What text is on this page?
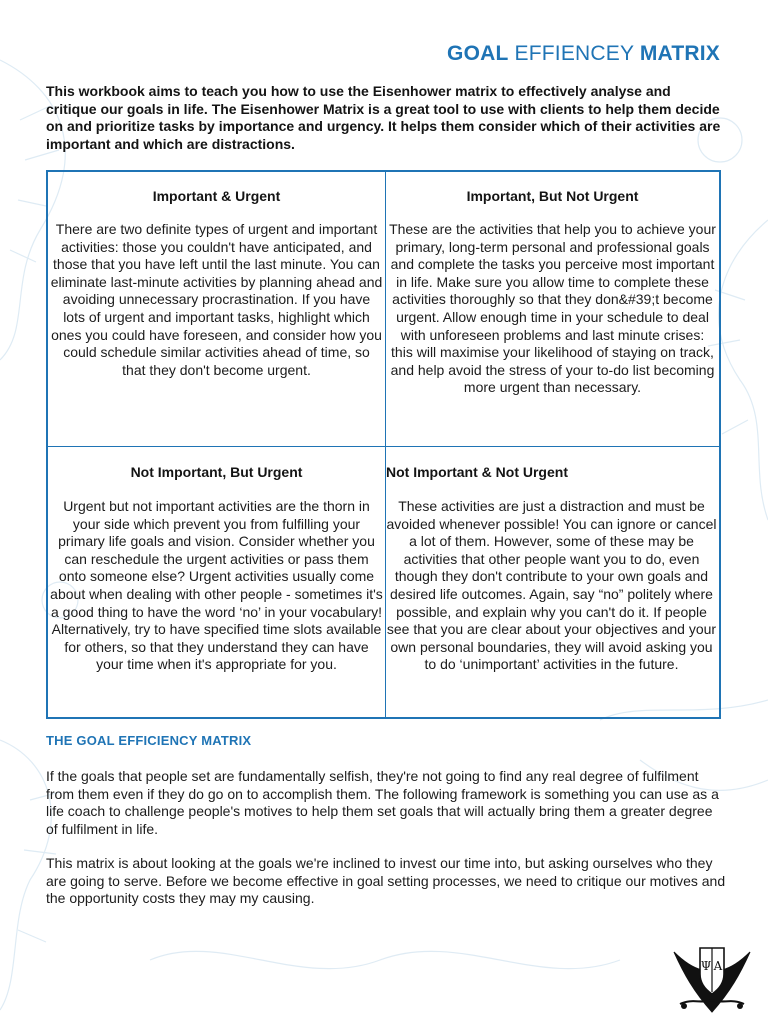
GOAL EFFIENCEY MATRIX
This workbook aims to teach you how to use the Eisenhower matrix to effectively analyse and critique our goals in life. The Eisenhower Matrix is a great tool to use with clients to help them decide on and prioritize tasks by importance and urgency. It helps them consider which of their activities are important and which are distractions.
Important & Urgent

There are two definite types of urgent and important activities: those you couldn't have anticipated, and those that you have left until the last minute. You can eliminate last-minute activities by planning ahead and avoiding unnecessary procrastination. If you have lots of urgent and important tasks, highlight which ones you could have foreseen, and consider how you could schedule similar activities ahead of time, so that they don't become urgent.

Important, But Not Urgent

These are the activities that help you to achieve your primary, long-term personal and professional goals and complete the tasks you perceive most important in life. Make sure you allow time to complete these activities thoroughly so that they don&#39;t become urgent. Allow enough time in your schedule to deal with unforeseen problems and last minute crises: this will maximise your likelihood of staying on track, and help avoid the stress of your to-do list becoming more urgent than necessary.

Not Important, But Urgent

Urgent but not important activities are the thorn in your side which prevent you from fulfilling your primary life goals and vision. Consider whether you can reschedule the urgent activities or pass them onto someone else? Urgent activities usually come about when dealing with other people - sometimes it's a good thing to have the word ‘no’ in your vocabulary! Alternatively, try to have specified time slots available for others, so that they understand they can have your time when it's appropriate for you.

Not Important & Not Urgent

These activities are just a distraction and must be avoided whenever possible! You can ignore or cancel a lot of them. However, some of these may be activities that other people want you to do, even though they don't contribute to your own goals and desired life outcomes. Again, say “no” politely where possible, and explain why you can't do it. If people see that you are clear about your objectives and your own personal boundaries, they will avoid asking you to do ‘unimportant’ activities in the future.

THE GOAL EFFICIENCY MATRIX
If the goals that people set are fundamentally selfish, they're not going to find any real degree of fulfilment from them even if they do go on to accomplish them. The following framework is something you can use as a life coach to challenge people's motives to help them set goals that will actually bring them a greater degree of fulfilment in life.
This matrix is about looking at the goals we're inclined to invest our time into, but asking ourselves who they are going to serve. Before we become effective in goal setting processes, we need to critique our motives and the opportunity costs they may my causing.
Ψ A
